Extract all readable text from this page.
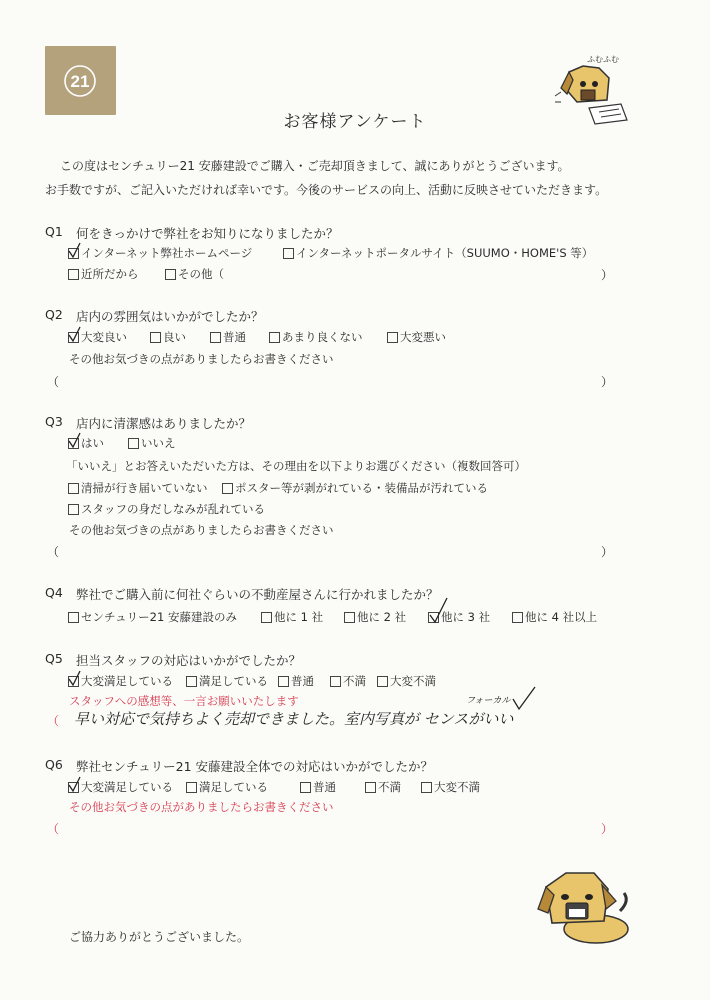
21
ふむふむ
お客様アンケート
この度はセンチュリー21 安藤建設でご購入・ご売却頂きまして、誠にありがとうございます。
お手数ですが、ご記入いただければ幸いです。今後のサービスの向上、活動に反映させていただきます。
Q1 何をきっかけで弊社をお知りになりましたか？
インターネット弊社ホームページ	インターネットポータルサイト（SUUMO・HOME'S 等）
近所だから	その他（	）
Q2 店内の雰囲気はいかがでしたか？
大変良い	良い	普通	あまり良くない	大変悪い
その他お気づきの点がありましたらお書きください
（	）
Q3 店内に清潔感はありましたか？
はい	いいえ
「いいえ」とお答えいただいた方は、その理由を以下よりお選びください（複数回答可）
清掃が行き届いていない ポスター等が剥がれている・装備品が汚れている
スタッフの身だしなみが乱れている
その他お気づきの点がありましたらお書きください
（	）
Q4 弊社でご購入前に何社ぐらいの不動産屋さんに行かれましたか？
センチュリー21 安藤建設のみ	他に 1 社	他に 2 社	他に 3 社	他に 4 社以上
Q5 担当スタッフの対応はいかがでしたか？
大変満足している 満足している 普通	不満 大変不満
スタッフへの感想等、一言お願いいたします
（
フォーカル
早い対応で気持ちよく売却できました。室内写真が センスがいい
Q6 弊社センチュリー21 安藤建設全体での対応はいかがでしたか？
大変満足している 満足している	普通	不満	大変不満
その他お気づきの点がありましたらお書きください
（	）
ご協力ありがとうございました。
